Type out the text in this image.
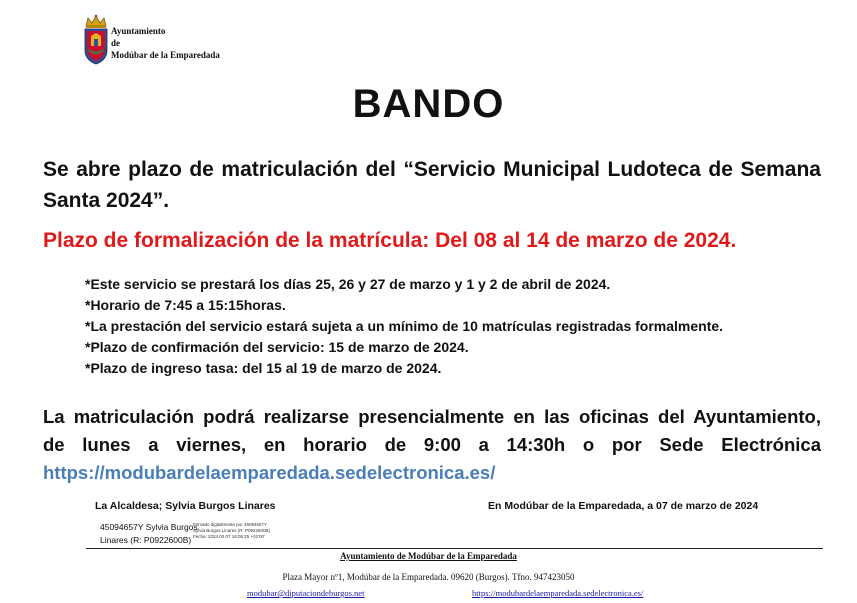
Ayuntamiento
de
Modúbar de la Emparedada
BANDO
Se abre plazo de matriculación del “Servicio Municipal Ludoteca de Semana Santa 2024”.
Plazo de formalización de la matrícula: Del 08 al 14 de marzo de 2024.
*Este servicio se prestará los días 25, 26 y 27 de marzo y 1 y 2 de abril de 2024.
*Horario de 7:45 a 15:15horas.
*La prestación del servicio estará sujeta a un mínimo de 10 matrículas registradas formalmente.
*Plazo de confirmación del servicio: 15 de marzo de 2024.
*Plazo de ingreso tasa: del 15 al 19 de marzo de 2024.
La matriculación podrá realizarse presencialmente en las oficinas del Ayuntamiento,
de lunes a viernes, en horario de 9:00 a 14:30h o por Sede Electrónica
https://modubardelaemparedada.sedelectronica.es/
La Alcaldesa; Sylvia Burgos Linares	En Modúbar de la Emparedada, a 07 de marzo de 2024
45094657Y Sylvia Burgos
Linares (R: P0922600B)
Firmado digitalmente por 45094657Y
Sylvia Burgos Linares (R: P0922600B)
Fecha: 2024.03.07 16:05:25 +01'00'
Ayuntamiento de Modúbar de la Emparedada
Plaza Mayor nº1, Modúbar de la Emparedada. 09620 (Burgos). Tfno. 947423050
modubar@diputaciondeburgos.net	https://modubardelaemparedada.sedelectronica.es/
